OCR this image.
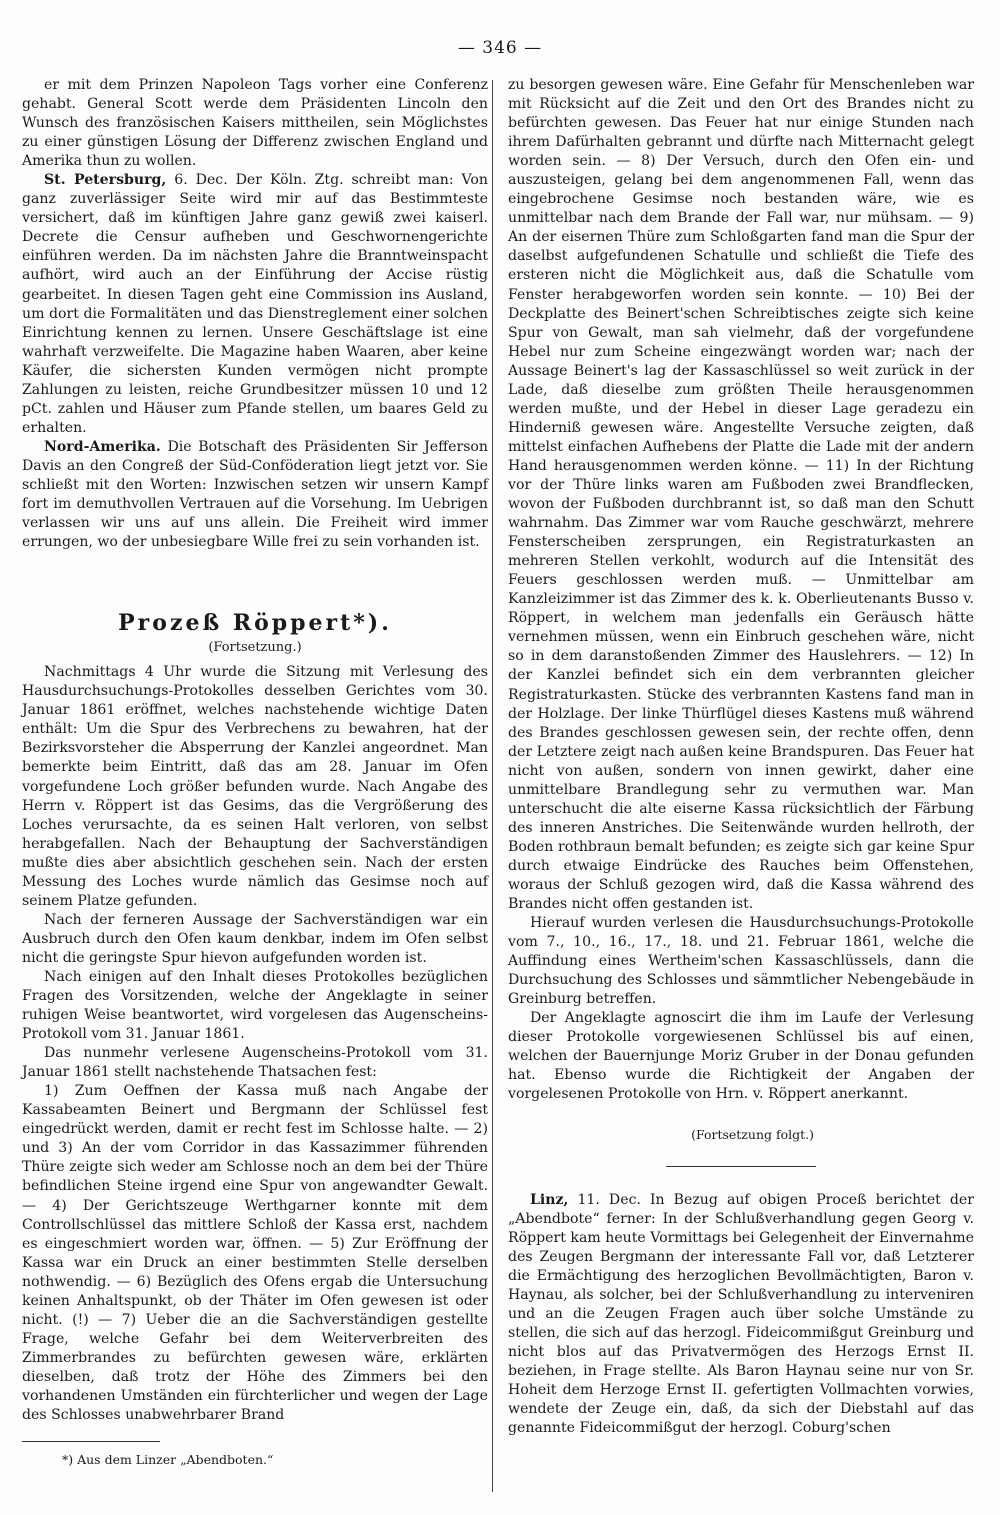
— 346 —

er mit dem Prinzen Napoleon Tags vorher eine Conferenz gehabt. General Scott werde dem Präsidenten Lincoln den Wunsch des französischen Kaisers mittheilen, sein Möglichstes zu einer günstigen Lösung der Differenz zwischen England und Amerika thun zu wollen.

St. Petersburg, 6. Dec. Der Köln. Ztg. schreibt man: Von ganz zuverlässiger Seite wird mir auf das Bestimmteste versichert, daß im künftigen Jahre ganz gewiß zwei kaiserl. Decrete die Censur aufheben und Geschwornengerichte einführen werden. Da im nächsten Jahre die Branntweinspacht aufhört, wird auch an der Einführung der Accise rüstig gearbeitet. In diesen Tagen geht eine Commission ins Ausland, um dort die Formalitäten und das Dienstreglement einer solchen Einrichtung kennen zu lernen. Unsere Geschäftslage ist eine wahrhaft verzweifelte. Die Magazine haben Waaren, aber keine Käufer, die sichersten Kunden vermögen nicht prompte Zahlungen zu leisten, reiche Grundbesitzer müssen 10 und 12 pCt. zahlen und Häuser zum Pfande stellen, um baares Geld zu erhalten.

Nord-Amerika. Die Botschaft des Präsidenten Sir Jefferson Davis an den Congreß der Süd-Conföderation liegt jetzt vor. Sie schließt mit den Worten: Inzwischen setzen wir unsern Kampf fort im demuthvollen Vertrauen auf die Vorsehung. Im Uebrigen verlassen wir uns auf uns allein. Die Freiheit wird immer errungen, wo der unbesiegbare Wille frei zu sein vorhanden ist.

Prozeß Röppert*).
(Fortsetzung.)

Nachmittags 4 Uhr wurde die Sitzung mit Verlesung des Hausdurchsuchungs-Protokolles desselben Gerichtes vom 30. Januar 1861 eröffnet, welches nachstehende wichtige Daten enthält: Um die Spur des Verbrechens zu bewahren, hat der Bezirksvorsteher die Absperrung der Kanzlei angeordnet. Man bemerkte beim Eintritt, daß das am 28. Januar im Ofen vorgefundene Loch größer befunden wurde. Nach Angabe des Herrn v. Röppert ist das Gesims, das die Vergrößerung des Loches verursachte, da es seinen Halt verloren, von selbst herabgefallen. Nach der Behauptung der Sachverständigen mußte dies aber absichtlich geschehen sein. Nach der ersten Messung des Loches wurde nämlich das Gesimse noch auf seinem Platze gefunden.

Nach der ferneren Aussage der Sachverständigen war ein Ausbruch durch den Ofen kaum denkbar, indem im Ofen selbst nicht die geringste Spur hievon aufgefunden worden ist.

Nach einigen auf den Inhalt dieses Protokolles bezüglichen Fragen des Vorsitzenden, welche der Angeklagte in seiner ruhigen Weise beantwortet, wird vorgelesen das Augenscheins-Protokoll vom 31. Januar 1861.

Das nunmehr verlesene Augenscheins-Protokoll vom 31. Januar 1861 stellt nachstehende Thatsachen fest:

1) Zum Oeffnen der Kassa muß nach Angabe der Kassabeamten Beinert und Bergmann der Schlüssel fest eingedrückt werden, damit er recht fest im Schlosse halte. — 2) und 3) An der vom Corridor in das Kassazimmer führenden Thüre zeigte sich weder am Schlosse noch an dem bei der Thüre befindlichen Steine irgend eine Spur von angewandter Gewalt. — 4) Der Gerichtszeuge Werthgarner konnte mit dem Controllschlüssel das mittlere Schloß der Kassa erst, nachdem es eingeschmiert worden war, öffnen. — 5) Zur Eröffnung der Kassa war ein Druck an einer bestimmten Stelle derselben nothwendig. — 6) Bezüglich des Ofens ergab die Untersuchung keinen Anhaltspunkt, ob der Thäter im Ofen gewesen ist oder nicht. (!) — 7) Ueber die an die Sachverständigen gestellte Frage, welche Gefahr bei dem Weiterverbreiten des Zimmerbrandes zu befürchten gewesen wäre, erklärten dieselben, daß trotz der Höhe des Zimmers bei den vorhandenen Umständen ein fürchterlicher und wegen der Lage des Schlosses unabwehrbarer Brand

*) Aus dem Linzer „Abendboten.“

zu besorgen gewesen wäre. Eine Gefahr für Menschenleben war mit Rücksicht auf die Zeit und den Ort des Brandes nicht zu befürchten gewesen. Das Feuer hat nur einige Stunden nach ihrem Dafürhalten gebrannt und dürfte nach Mitternacht gelegt worden sein. — 8) Der Versuch, durch den Ofen ein- und auszusteigen, gelang bei dem angenommenen Fall, wenn das eingebrochene Gesimse noch bestanden wäre, wie es unmittelbar nach dem Brande der Fall war, nur mühsam. — 9) An der eisernen Thüre zum Schloßgarten fand man die Spur der daselbst aufgefundenen Schatulle und schließt die Tiefe des ersteren nicht die Möglichkeit aus, daß die Schatulle vom Fenster herabgeworfen worden sein konnte. — 10) Bei der Deckplatte des Beinert'schen Schreibtisches zeigte sich keine Spur von Gewalt, man sah vielmehr, daß der vorgefundene Hebel nur zum Scheine eingezwängt worden war; nach der Aussage Beinert's lag der Kassaschlüssel so weit zurück in der Lade, daß dieselbe zum größten Theile herausgenommen werden mußte, und der Hebel in dieser Lage geradezu ein Hinderniß gewesen wäre. Angestellte Versuche zeigten, daß mittelst einfachen Aufhebens der Platte die Lade mit der andern Hand herausgenommen werden könne. — 11) In der Richtung vor der Thüre links waren am Fußboden zwei Brandflecken, wovon der Fußboden durchbrannt ist, so daß man den Schutt wahrnahm. Das Zimmer war vom Rauche geschwärzt, mehrere Fensterscheiben zersprungen, ein Registraturkasten an mehreren Stellen verkohlt, wodurch auf die Intensität des Feuers geschlossen werden muß. — Unmittelbar am Kanzleizimmer ist das Zimmer des k. k. Oberlieutenants Busso v. Röppert, in welchem man jedenfalls ein Geräusch hätte vernehmen müssen, wenn ein Einbruch geschehen wäre, nicht so in dem daranstoßenden Zimmer des Hauslehrers. — 12) In der Kanzlei befindet sich ein dem verbrannten gleicher Registraturkasten. Stücke des verbrannten Kastens fand man in der Holzlage. Der linke Thürflügel dieses Kastens muß während des Brandes geschlossen gewesen sein, der rechte offen, denn der Letztere zeigt nach außen keine Brandspuren. Das Feuer hat nicht von außen, sondern von innen gewirkt, daher eine unmittelbare Brandlegung sehr zu vermuthen war. Man unterschucht die alte eiserne Kassa rücksichtlich der Färbung des inneren Anstriches. Die Seitenwände wurden hellroth, der Boden rothbraun bemalt befunden; es zeigte sich gar keine Spur durch etwaige Eindrücke des Rauches beim Offenstehen, woraus der Schluß gezogen wird, daß die Kassa während des Brandes nicht offen gestanden ist.

Hierauf wurden verlesen die Hausdurchsuchungs-Protokolle vom 7., 10., 16., 17., 18. und 21. Februar 1861, welche die Auffindung eines Wertheim'schen Kassaschlüssels, dann die Durchsuchung des Schlosses und sämmtlicher Nebengebäude in Greinburg betreffen.

Der Angeklagte agnoscirt die ihm im Laufe der Verlesung dieser Protokolle vorgewiesenen Schlüssel bis auf einen, welchen der Bauernjunge Moriz Gruber in der Donau gefunden hat. Ebenso wurde die Richtigkeit der Angaben der vorgelesenen Protokolle von Hrn. v. Röppert anerkannt.

(Fortsetzung folgt.)

Linz, 11. Dec. In Bezug auf obigen Proceß berichtet der „Abendbote“ ferner: In der Schlußverhandlung gegen Georg v. Röppert kam heute Vormittags bei Gelegenheit der Einvernahme des Zeugen Bergmann der interessante Fall vor, daß Letzterer die Ermächtigung des herzoglichen Bevollmächtigten, Baron v. Haynau, als solcher, bei der Schlußverhandlung zu interveniren und an die Zeugen Fragen auch über solche Umstände zu stellen, die sich auf das herzogl. Fideicommißgut Greinburg und nicht blos auf das Privatvermögen des Herzogs Ernst II. beziehen, in Frage stellte. Als Baron Haynau seine nur von Sr. Hoheit dem Herzoge Ernst II. gefertigten Vollmachten vorwies, wendete der Zeuge ein, daß, da sich der Diebstahl auf das genannte Fideicommißgut der herzogl. Coburg'schen
